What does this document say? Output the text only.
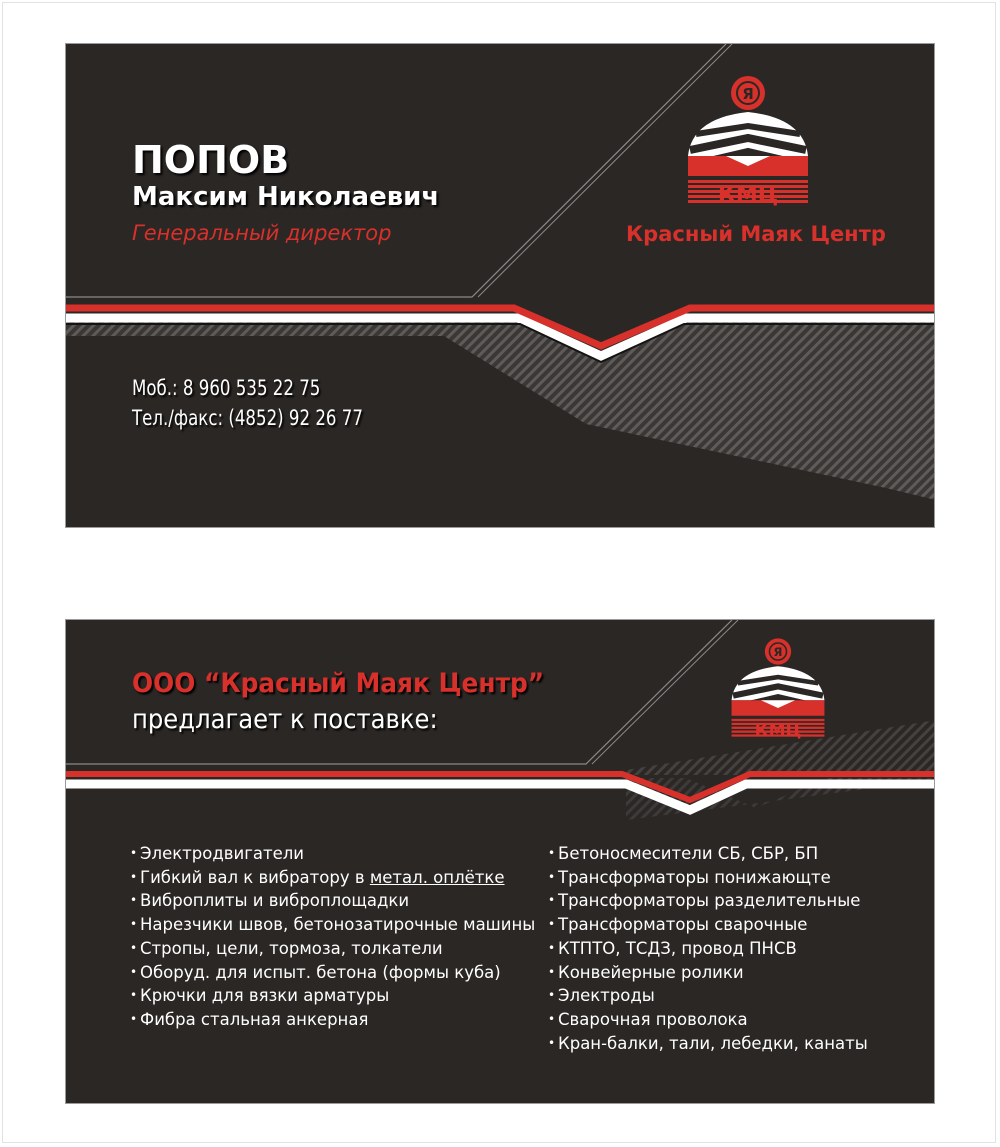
ПОПОВ
Максим Николаевич
Генеральный директор
Я
КМЦ
Красный Маяк Центр
Моб.: 8 960 535 22 75
Тел./факс: (4852) 92 26 77
ООО “Красный Маяк Центр”
предлагает к поставке:
Я
КМЦ
• Электродвигатели
• Гибкий вал к вибратору в метал. оплётке
• Виброплиты и виброплощадки
• Нарезчики швов, бетонозатирочные машины
• Стропы, цели, тормоза, толкатели
• Оборуд. для испыт. бетона (формы куба)
• Крючки для вязки арматуры
• Фибра стальная анкерная
• Бетоносмесители СБ, СБР, БП
• Трансформаторы понижающте
• Трансформаторы разделительные
• Трансформаторы сварочные
• КТПТО, ТСДЗ, провод ПНСВ
• Конвейерные ролики
• Электроды
• Сварочная проволока
• Кран-балки, тали, лебедки, канаты
